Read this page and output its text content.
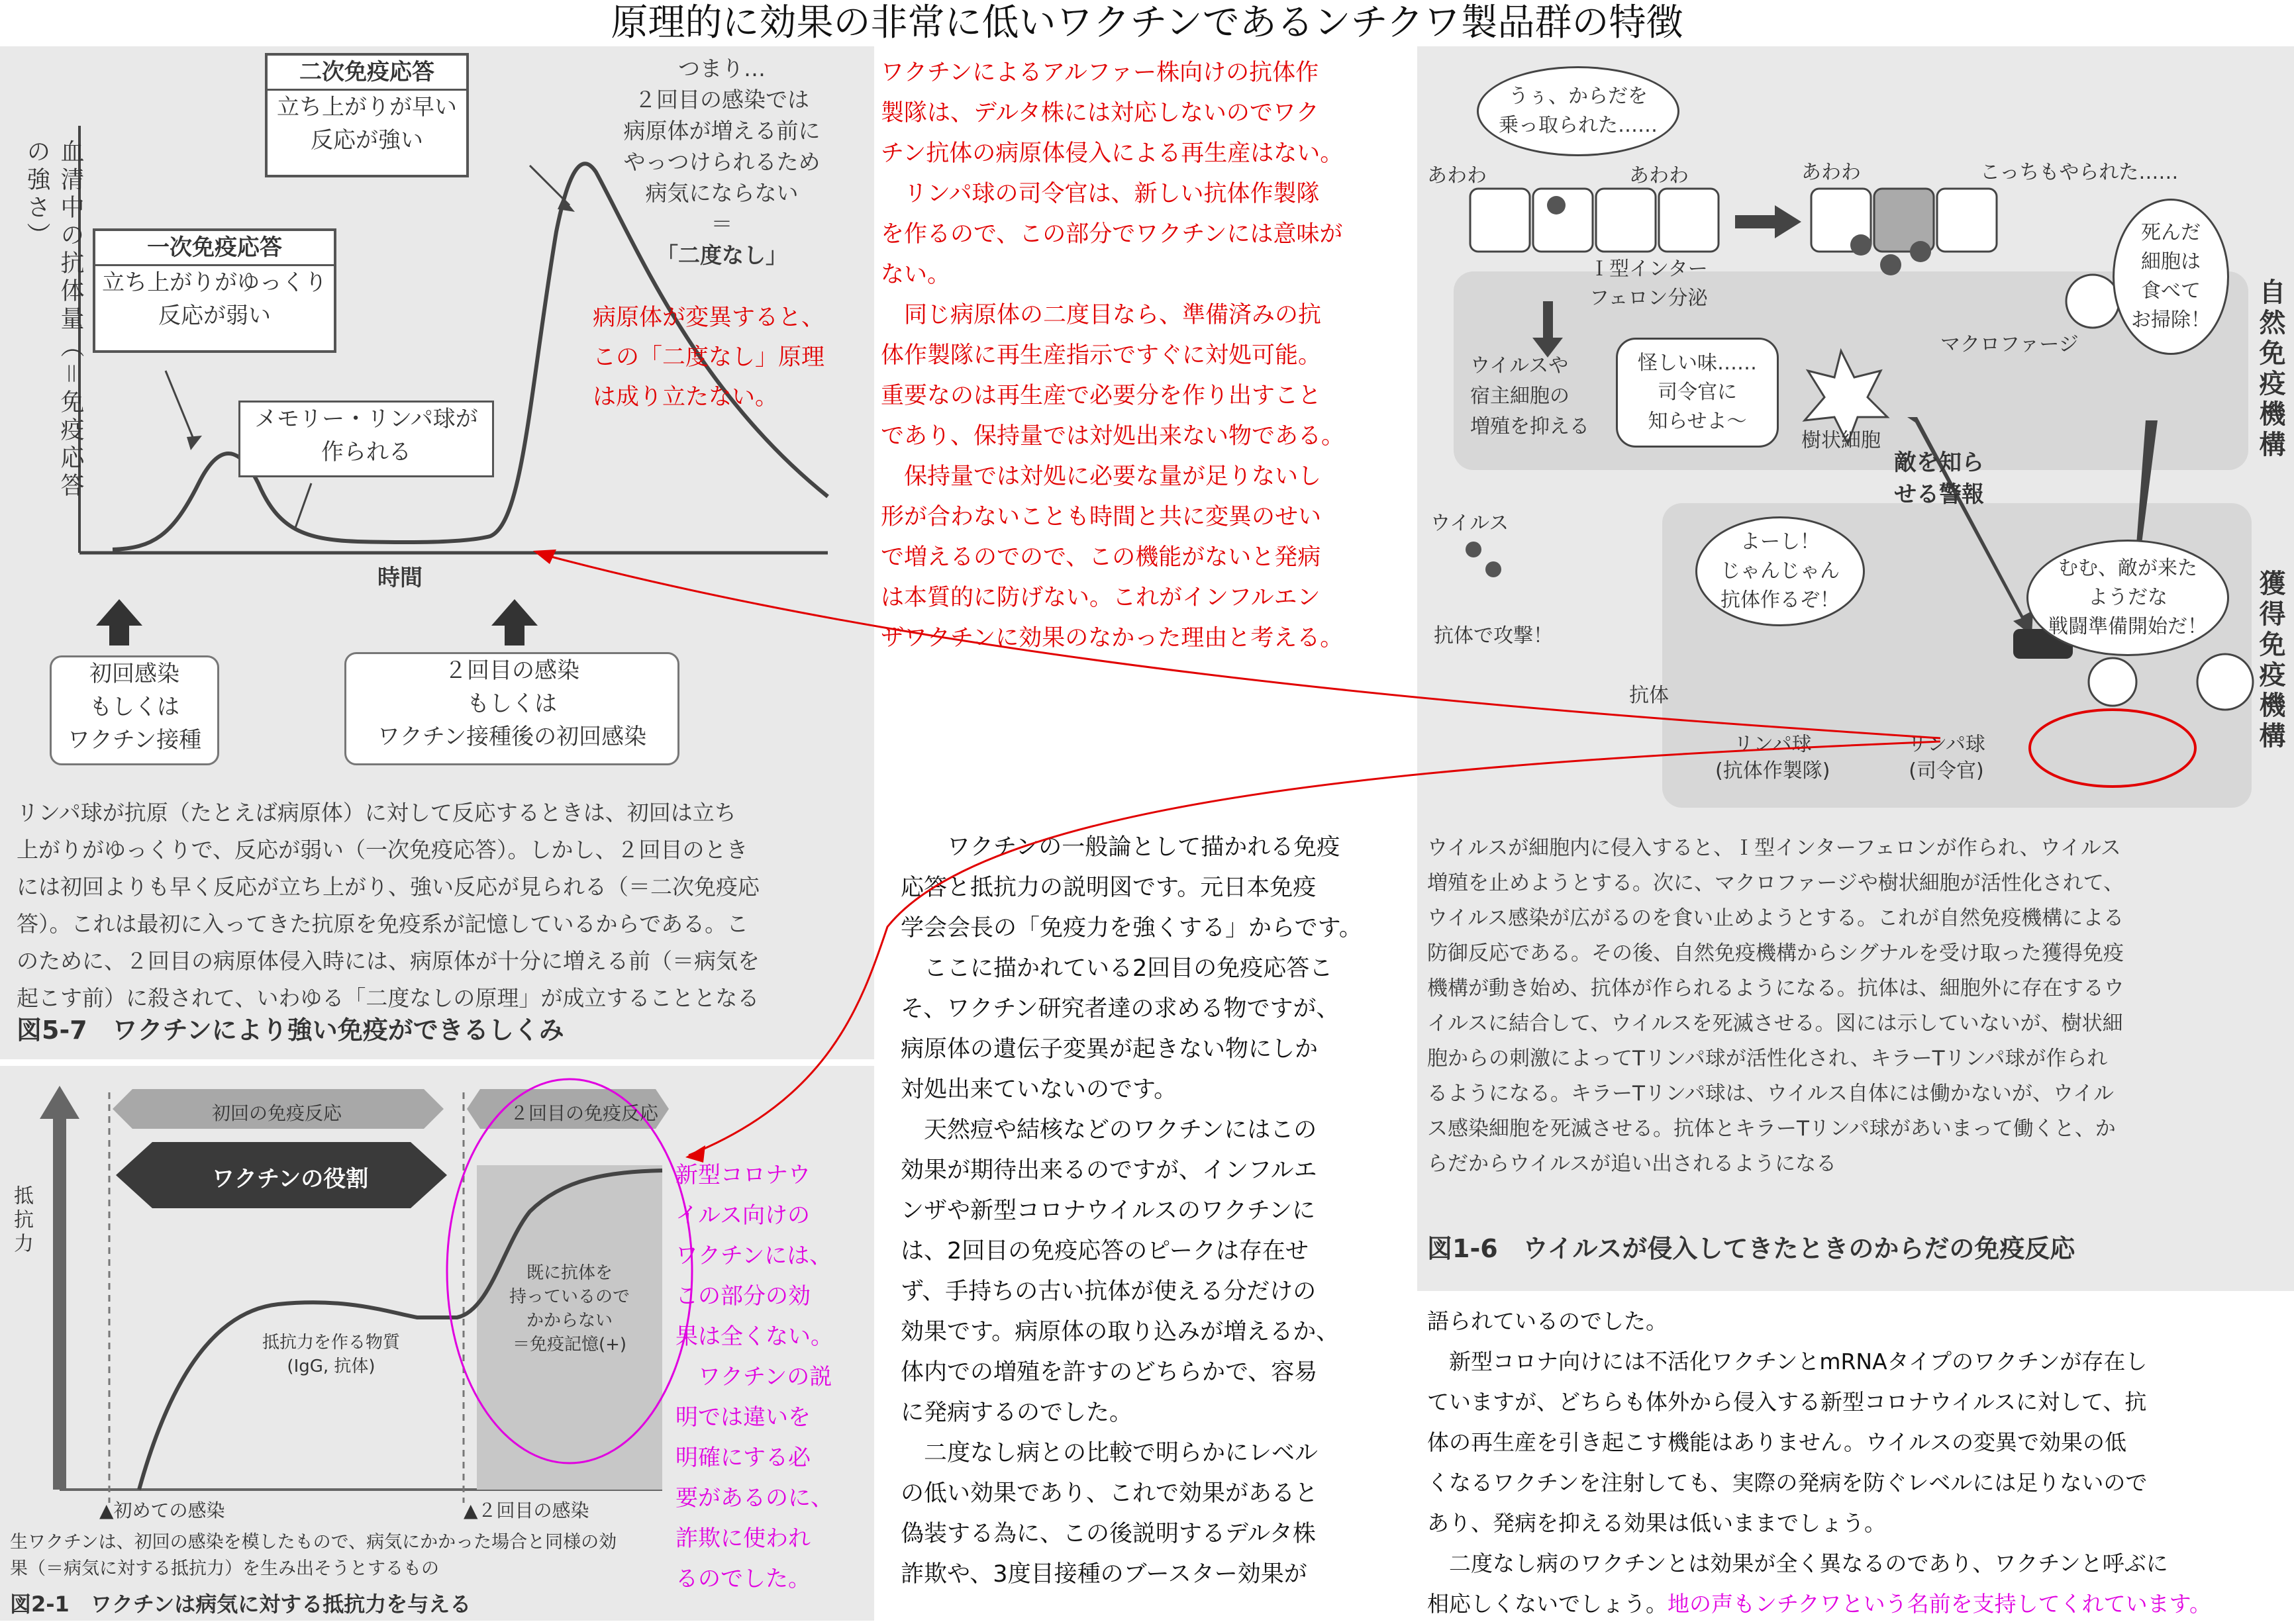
原理的に効果の非常に低いワクチンであるンチクワ製品群の特徴
血清中の抗体量（＝免疫応答の強さ）
二次免疫応答
立ち上がりが早い
反応が強い
一次免疫応答
立ち上がりがゆっくり
反応が弱い
メモリー・リンパ球が
作られる
つまり…
２回目の感染では
病原体が増える前に
やっつけられるため
病気にならない
＝
「二度なし」
時間
初回感染
もしくは
ワクチン接種
２回目の感染
もしくは
ワクチン接種後の初回感染
リンパ球が抗原（たとえば病原体）に対して反応するときは、初回は立ち
上がりがゆっくりで、反応が弱い（一次免疫応答）。しかし、２回目のとき
には初回よりも早く反応が立ち上がり、強い反応が見られる（＝二次免疫応
答）。これは最初に入ってきた抗原を免疫系が記憶しているからである。こ
のために、２回目の病原体侵入時には、病原体が十分に増える前（＝病気を
起こす前）に殺されて、いわゆる「二度なしの原理」が成立することとなる
図5-7　ワクチンにより強い免疫ができるしくみ
病原体が変異すると、
この「二度なし」原理
は成り立たない。
ワクチンによるアルファー株向けの抗体作
製隊は、デルタ株には対応しないのでワク
チン抗体の病原体侵入による再生産はない。
　リンパ球の司令官は、新しい抗体作製隊
を作るので、この部分でワクチンには意味が
ない。
　同じ病原体の二度目なら、準備済みの抗
体作製隊に再生産指示ですぐに対処可能。
重要なのは再生産で必要分を作り出すこと
であり、保持量では対処出来ない物である。
　保持量では対処に必要な量が足りないし
形が合わないことも時間と共に変異のせい
で増えるのでので、この機能がないと発病
は本質的に防げない。これがインフルエン
ザワクチンに効果のなかった理由と考える。
抵抗力
初回の免疫反応	２回目の免疫反応
ワクチンの役割
既に抗体を
持っているので
かからない
＝免疫記憶(+)
抵抗力を作る物質
(IgG, 抗体)
▲初めての感染	▲２回目の感染
生ワクチンは、初回の感染を模したもので、病気にかかった場合と同様の効
果（＝病気に対する抵抗力）を生み出そうとするもの
図2-1　ワクチンは病気に対する抵抗力を与える
新型コロナウ
イルス向けの
ワクチンには、
この部分の効
果は全くない。
　ワクチンの説
明では違いを
明確にする必
要があるのに、
詐欺に使われ
るのでした。
　　ワクチンの一般論として描かれる免疫
応答と抵抗力の説明図です。元日本免疫
学会会長の「免疫力を強くする」からです。
　ここに描かれている2回目の免疫応答こ
そ、ワクチン研究者達の求める物ですが、
病原体の遺伝子変異が起きない物にしか
対処出来ていないのです。
　天然痘や結核などのワクチンにはこの
効果が期待出来るのですが、インフルエ
ンザや新型コロナウイルスのワクチンに
は、2回目の免疫応答のピークは存在せ
ず、手持ちの古い抗体が使える分だけの
効果です。病原体の取り込みが増えるか、
体内での増殖を許すのどちらかで、容易
に発病するのでした。
　二度なし病との比較で明らかにレベル
の低い効果であり、これで効果があると
偽装する為に、この後説明するデルタ株
詐欺や、3度目接種のブースター効果が
うぅ、からだを
乗っ取られた……
あわわ	あわわ	あわわ	こっちもやられた……
Ｉ型インター
フェロン分泌
ウイルスや
宿主細胞の
増殖を抑える
怪しい味……
司令官に
知らせよ～
樹状細胞
マクロファージ
死んだ
細胞は
食べて
お掃除！ 自然免疫機構
敵を知ら
せる警報
ウイルス
よーし！
じゃんじゃん
抗体作るぞ！
むむ、敵が来た
ようだな
戦闘準備開始だ！
抗体で攻撃！
抗体
リンパ球
(抗体作製隊)
リンパ球
(司令官)
獲得免疫機構
ウイルスが細胞内に侵入すると、Ｉ型インターフェロンが作られ、ウイルス
増殖を止めようとする。次に、マクロファージや樹状細胞が活性化されて、
ウイルス感染が広がるのを食い止めようとする。これが自然免疫機構による
防御反応である。その後、自然免疫機構からシグナルを受け取った獲得免疫
機構が動き始め、抗体が作られるようになる。抗体は、細胞外に存在するウ
イルスに結合して、ウイルスを死滅させる。図には示していないが、樹状細
胞からの刺激によってTリンパ球が活性化され、キラーTリンパ球が作られ
るようになる。キラーTリンパ球は、ウイルス自体には働かないが、ウイル
ス感染細胞を死滅させる。抗体とキラーTリンパ球があいまって働くと、か
らだからウイルスが追い出されるようになる
図1-6　ウイルスが侵入してきたときのからだの免疫反応
語られているのでした。
　新型コロナ向けには不活化ワクチンとmRNAタイプのワクチンが存在し
ていますが、どちらも体外から侵入する新型コロナウイルスに対して、抗
体の再生産を引き起こす機能はありません。ウイルスの変異で効果の低
くなるワクチンを注射しても、実際の発病を防ぐレベルには足りないので
あり、発病を抑える効果は低いままでしょう。
　二度なし病のワクチンとは効果が全く異なるのであり、ワクチンと呼ぶに
相応しくないでしょう。地の声もンチクワという名前を支持してくれています。
